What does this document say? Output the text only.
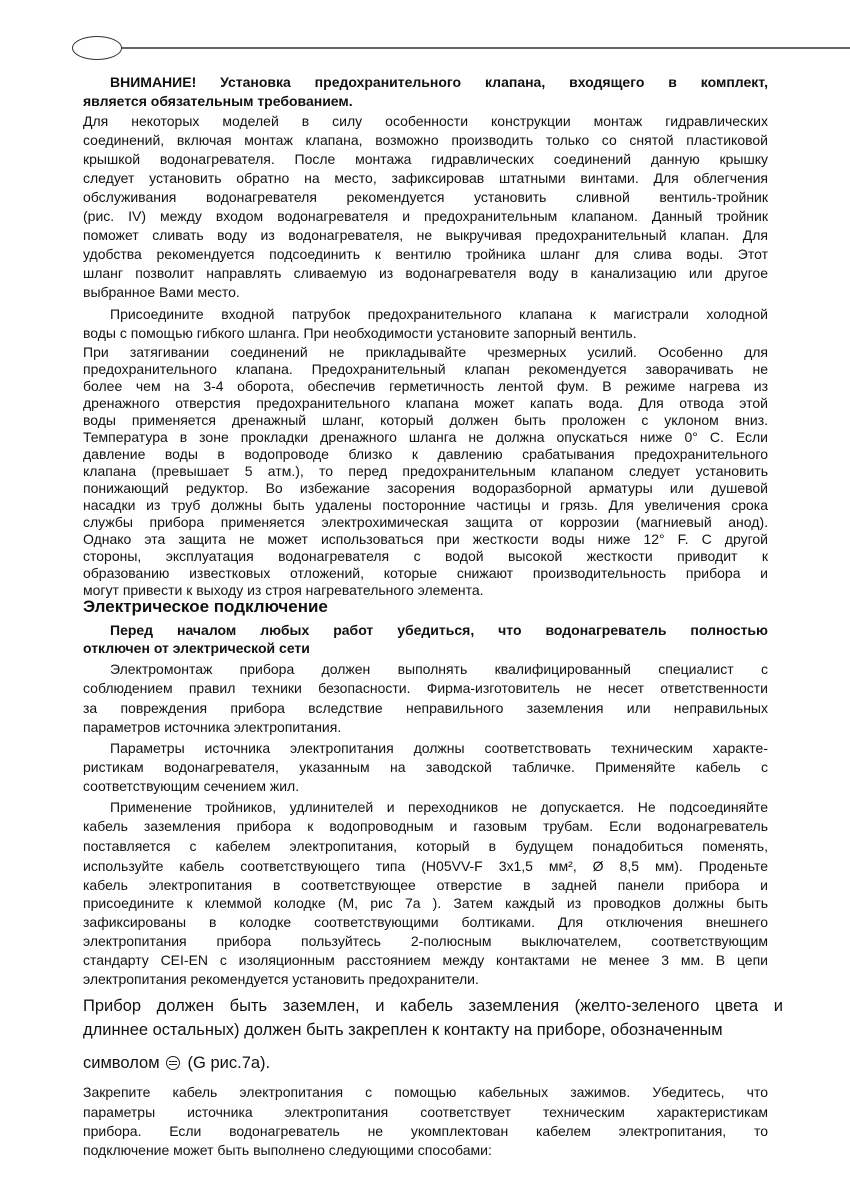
ВНИМАНИЕ! Установка предохранительного клапана, входящего в комплект,
является обязательным требованием.
Для некоторых моделей в силу особенности конструкции монтаж гидравлических
соединений, включая монтаж клапана, возможно производить только со снятой пластиковой
крышкой водонагревателя. После монтажа гидравлических соединений данную крышку
следует установить обратно на место, зафиксировав штатными винтами. Для облегчения
обслуживания водонагревателя рекомендуется установить сливной вентиль-тройник
(рис. IV) между входом водонагревателя и предохранительным клапаном. Данный тройник
поможет сливать воду из водонагревателя, не выкручивая предохранительный клапан. Для
удобства рекомендуется подсоединить к вентилю тройника шланг для слива воды. Этот
шланг позволит направлять сливаемую из водонагревателя воду в канализацию или другое
выбранное Вами место.
Присоедините входной патрубок предохранительного клапана к магистрали холодной
воды с помощью гибкого шланга. При необходимости установите запорный вентиль.
При затягивании соединений не прикладывайте чрезмерных усилий. Особенно для
предохранительного клапана. Предохранительный клапан рекомендуется заворачивать не
более чем на 3-4 оборота, обеспечив герметичность лентой фум. В режиме нагрева из
дренажного отверстия предохранительного клапана может капать вода. Для отвода этой
воды применяется дренажный шланг, который должен быть проложен с уклоном вниз.
Температура в зоне прокладки дренажного шланга не должна опускаться ниже 0° С. Если
давление воды в водопроводе близко к давлению срабатывания предохранительного
клапана (превышает 5 атм.), то перед предохранительным клапаном следует установить
понижающий редуктор. Во избежание засорения водоразборной арматуры или душевой
насадки из труб должны быть удалены посторонние частицы и грязь. Для увеличения срока
службы прибора применяется электрохимическая защита от коррозии (магниевый анод).
Однако эта защита не может использоваться при жесткости воды ниже 12° F. С другой
стороны, эксплуатация водонагревателя с водой высокой жесткости приводит к
образованию известковых отложений, которые снижают производительность прибора и
могут привести к выходу из строя нагревательного элемента.
Электрическое подключение
Перед началом любых работ убедиться, что водонагреватель полностью
отключен от электрической сети
Электромонтаж прибора должен выполнять квалифицированный специалист с
соблюдением правил техники безопасности. Фирма-изготовитель не несет ответственности
за повреждения прибора вследствие неправильного заземления или неправильных
параметров источника электропитания.
Параметры источника электропитания должны соответствовать техническим характе-
ристикам водонагревателя, указанным на заводской табличке. Применяйте кабель с
соответствующим сечением жил.
Применение тройников, удлинителей и переходников не допускается. Не подсоединяйте
кабель заземления прибора к водопроводным и газовым трубам. Если водонагреватель
поставляется с кабелем электропитания, который в будущем понадобиться поменять,
используйте кабель соответствующего типа (H05VV-F 3x1,5 мм², Ø 8,5 мм). Проденьте
кабель электропитания в соответствующее отверстие в задней панели прибора и
присоедините к клеммой колодке (M, рис 7a ). Затем каждый из проводков должны быть
зафиксированы в колодке соответствующими болтиками. Для отключения внешнего
электропитания прибора пользуйтесь 2-полюсным выключателем, соответствующим
стандарту CEI-EN с изоляционным расстоянием между контактами не менее 3 мм. В цепи
электропитания рекомендуется установить предохранители.
Прибор должен быть заземлен, и кабель заземления (желто-зеленого цвета и
длиннее остальных) должен быть закреплен к контакту на приборе, обозначенным
Закрепите кабель электропитания с помощью кабельных зажимов. Убедитесь, что
параметры источника электропитания соответствует техническим характеристикам
прибора. Если водонагреватель не укомплектован кабелем электропитания, то
подключение может быть выполнено следующими способами:
символом (G рис.7а).
